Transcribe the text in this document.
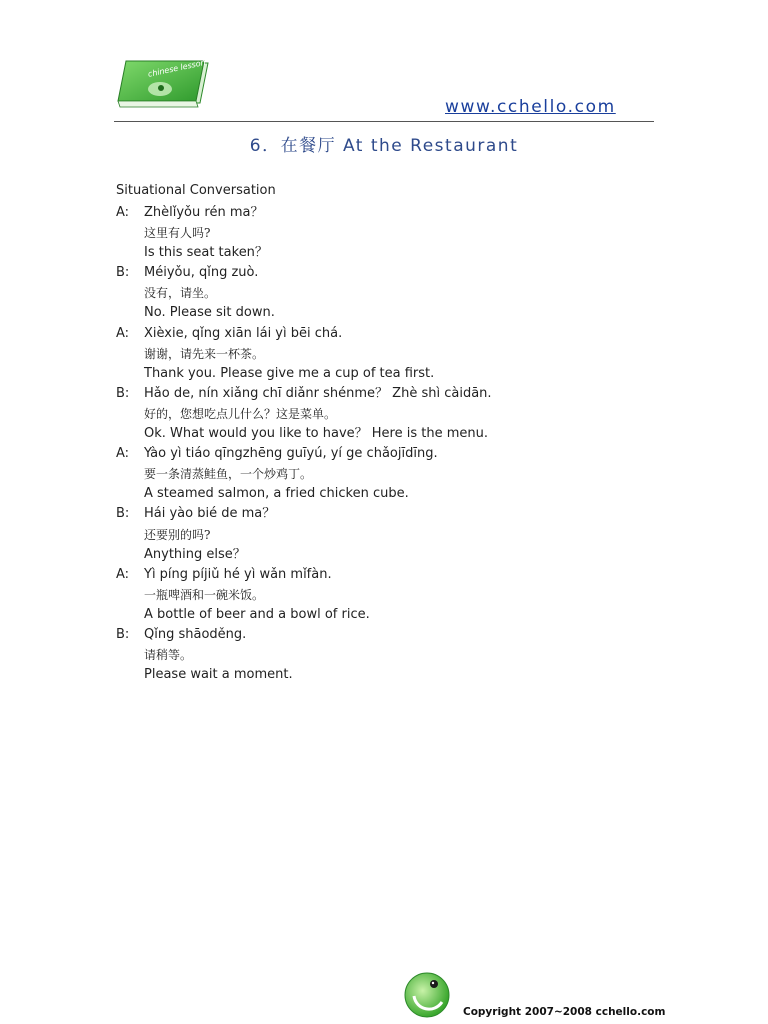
chinese lesson
www.cchello.com
6．在餐厅 At the Restaurant
Situational Conversation
A: Zhèlǐyǒu rén ma？
这里有人吗?
Is this seat taken？
B: Méiyǒu, qǐng zuò.
没有，请坐。
No. Please sit down.
A: Xièxie, qǐng xiān lái yì bēi chá.
谢谢，请先来一杯茶。
Thank you. Please give me a cup of tea first.
B: Hǎo de, nín xiǎng chī diǎnr shénme？ Zhè shì càidān.
好的，您想吃点儿什么？这是菜单。
Ok. What would you like to have？ Here is the menu.
A: Yào yì tiáo qīngzhēng guīyú, yí ge chǎojīdīng.
要一条清蒸鲑鱼，一个炒鸡丁。
A steamed salmon, a fried chicken cube.
B: Hái yào bié de ma？
还要别的吗?
Anything else？
A: Yì píng píjiǔ hé yì wǎn mǐfàn.
一瓶啤酒和一碗米饭。
A bottle of beer and a bowl of rice.
B: Qǐng shāoděng.
请稍等。
Please wait a moment.
Copyright 2007~2008 cchello.com
